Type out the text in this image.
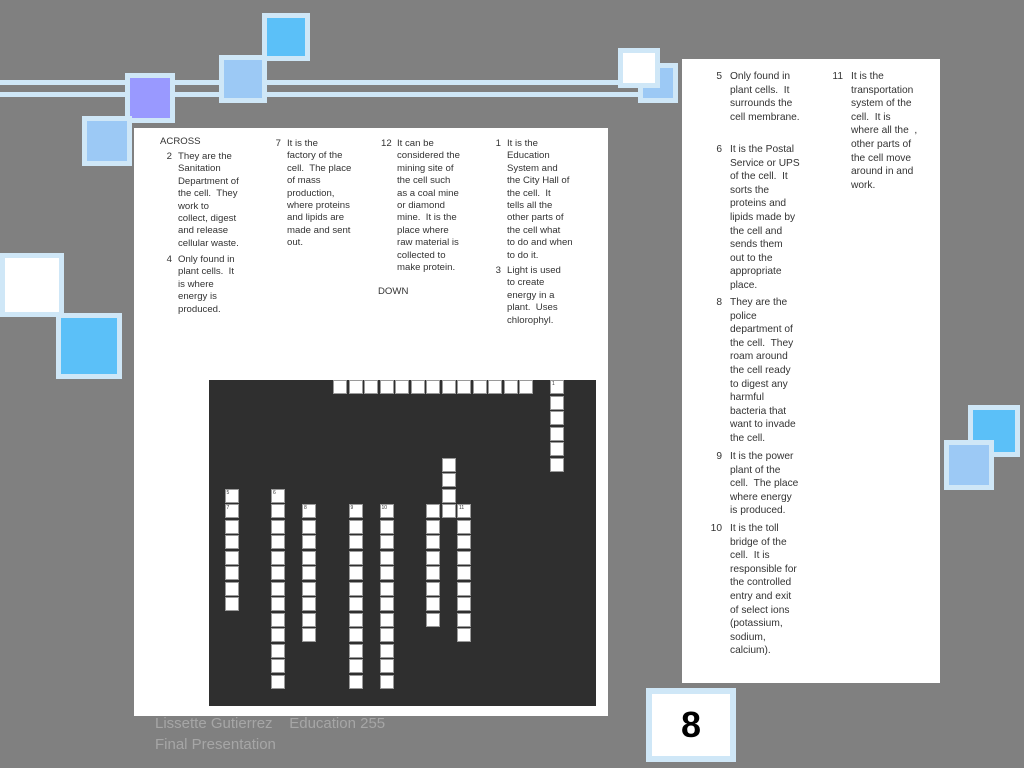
ACROSS
DOWN
2 They are the
Sanitation
Department of
the cell.  They
work to
collect, digest
and release
cellular waste.
4 Only found in
plant cells.  It
is where
energy is
produced.
7 It is the
factory of the
cell.  The place
of mass
production,
where proteins
and lipids are
made and sent
out.
12 It can be
considered the
mining site of
the cell such
as a coal mine
or diamond
mine.  It is the
place where
raw material is
collected to
make protein.
1 It is the
Education
System and
the City Hall of
the cell.  It
tells all the
other parts of
the cell what
to do and when
to do it.
3 Light is used
to create
energy in a
plant.  Uses
chlorophyl.
1
5
7
6
8	9	10	11
5 Only found in
plant cells.  It
surrounds the
cell membrane.
6 It is the Postal
Service or UPS
of the cell.  It
sorts the
proteins and
lipids made by
the cell and
sends them
out to the
appropriate
place.
8 They are the
police
department of
the cell.  They
roam around
the cell ready
to digest any
harmful
bacteria that
want to invade
the cell.
9 It is the power
plant of the
cell.  The place
where energy
is produced.
10 It is the toll
bridge of the
cell.  It is
responsible for
the controlled
entry and exit
of select ions
(potassium,
sodium,
calcium).
11 It is the
transportation
system of the
cell.  It is
where all the  ,
other parts of
the cell move
around in and
work.
Lissette Gutierrez    Education 255
Final Presentation	8
